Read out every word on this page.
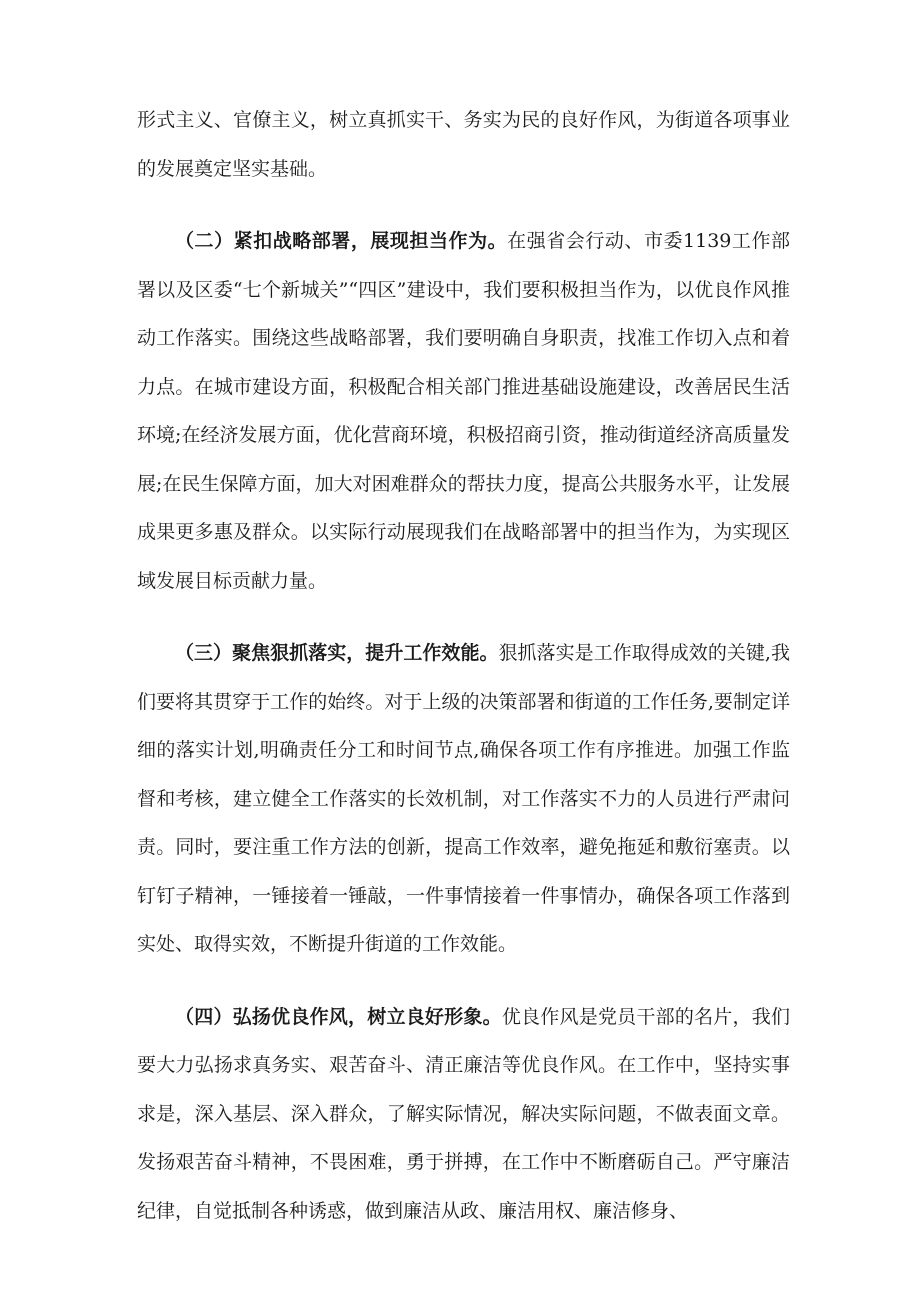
形式主义、官僚主义，树立真抓实干、务实为民的良好作风，为街道各项事业的发展奠定坚实基础。

（二）紧扣战略部署，展现担当作为。在强省会行动、市委1139工作部署以及区委“七个新城关”“四区”建设中，我们要积极担当作为，以优良作风推动工作落实。围绕这些战略部署，我们要明确自身职责，找准工作切入点和着力点。在城市建设方面，积极配合相关部门推进基础设施建设，改善居民生活环境;在经济发展方面，优化营商环境，积极招商引资，推动街道经济高质量发展;在民生保障方面，加大对困难群众的帮扶力度，提高公共服务水平，让发展成果更多惠及群众。以实际行动展现我们在战略部署中的担当作为，为实现区域发展目标贡献力量。

（三）聚焦狠抓落实，提升工作效能。狠抓落实是工作取得成效的关键,我们要将其贯穿于工作的始终。对于上级的决策部署和街道的工作任务,要制定详细的落实计划,明确责任分工和时间节点,确保各项工作有序推进。加强工作监督和考核，建立健全工作落实的长效机制，对工作落实不力的人员进行严肃问责。同时，要注重工作方法的创新，提高工作效率，避免拖延和敷衍塞责。以钉钉子精神，一锤接着一锤敲，一件事情接着一件事情办，确保各项工作落到实处、取得实效，不断提升街道的工作效能。

（四）弘扬优良作风，树立良好形象。优良作风是党员干部的名片，我们要大力弘扬求真务实、艰苦奋斗、清正廉洁等优良作风。在工作中，坚持实事求是，深入基层、深入群众，了解实际情况，解决实际问题，不做表面文章。发扬艰苦奋斗精神，不畏困难，勇于拼搏，在工作中不断磨砺自己。严守廉洁纪律，自觉抵制各种诱惑，做到廉洁从政、廉洁用权、廉洁修身、
